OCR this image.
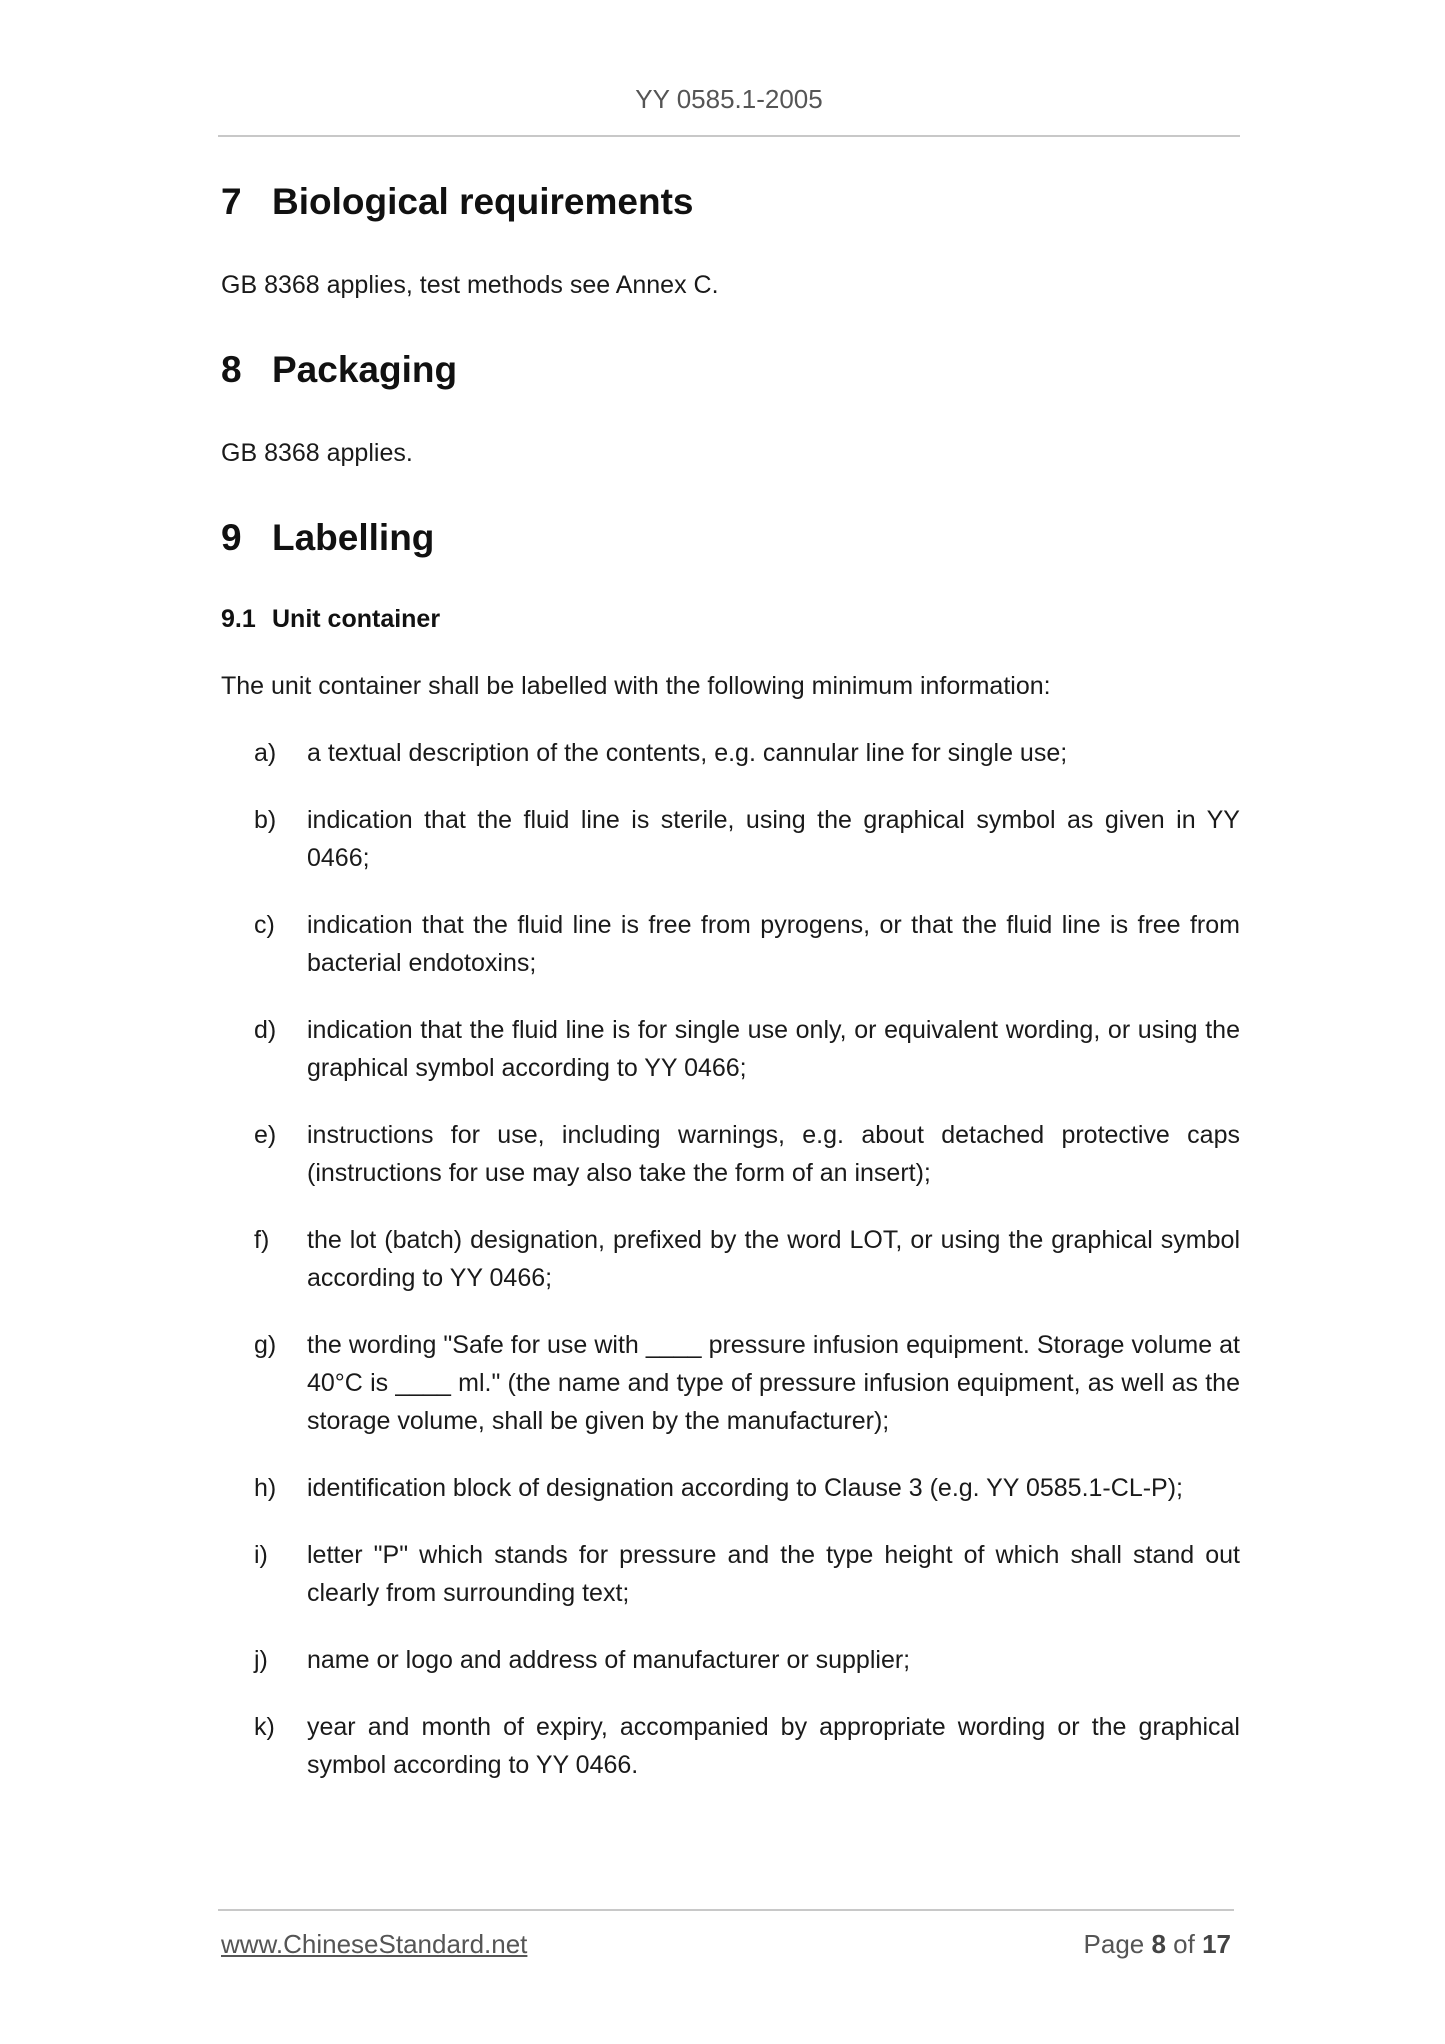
YY 0585.1-2005
7 Biological requirements

GB 8368 applies, test methods see Annex C.

8 Packaging

GB 8368 applies.

9 Labelling
9.1 Unit container

The unit container shall be labelled with the following minimum information:

a)	a textual description of the contents, e.g. cannular line for single use;
b)	indication that the fluid line is sterile, using the graphical symbol as given in YY 0466;
c)	indication that the fluid line is free from pyrogens, or that the fluid line is free from bacterial endotoxins;
d)	indication that the fluid line is for single use only, or equivalent wording, or using the graphical symbol according to YY 0466;
e)	instructions for use, including warnings, e.g. about detached protective caps (instructions for use may also take the form of an insert);
f)	the lot (batch) designation, prefixed by the word LOT, or using the graphical symbol according to YY 0466;
g)	the wording "Safe for use with ____ pressure infusion equipment. Storage volume at 40°C is ____ ml." (the name and type of pressure infusion equipment, as well as the storage volume, shall be given by the manufacturer);
h)	identification block of designation according to Clause 3 (e.g. YY 0585.1-CL-P);
i)	letter "P" which stands for pressure and the type height of which shall stand out clearly from surrounding text;
j)	name or logo and address of manufacturer or supplier;
k)	year and month of expiry, accompanied by appropriate wording or the graphical symbol according to YY 0466.
www.ChineseStandard.net	Page 8 of 17
